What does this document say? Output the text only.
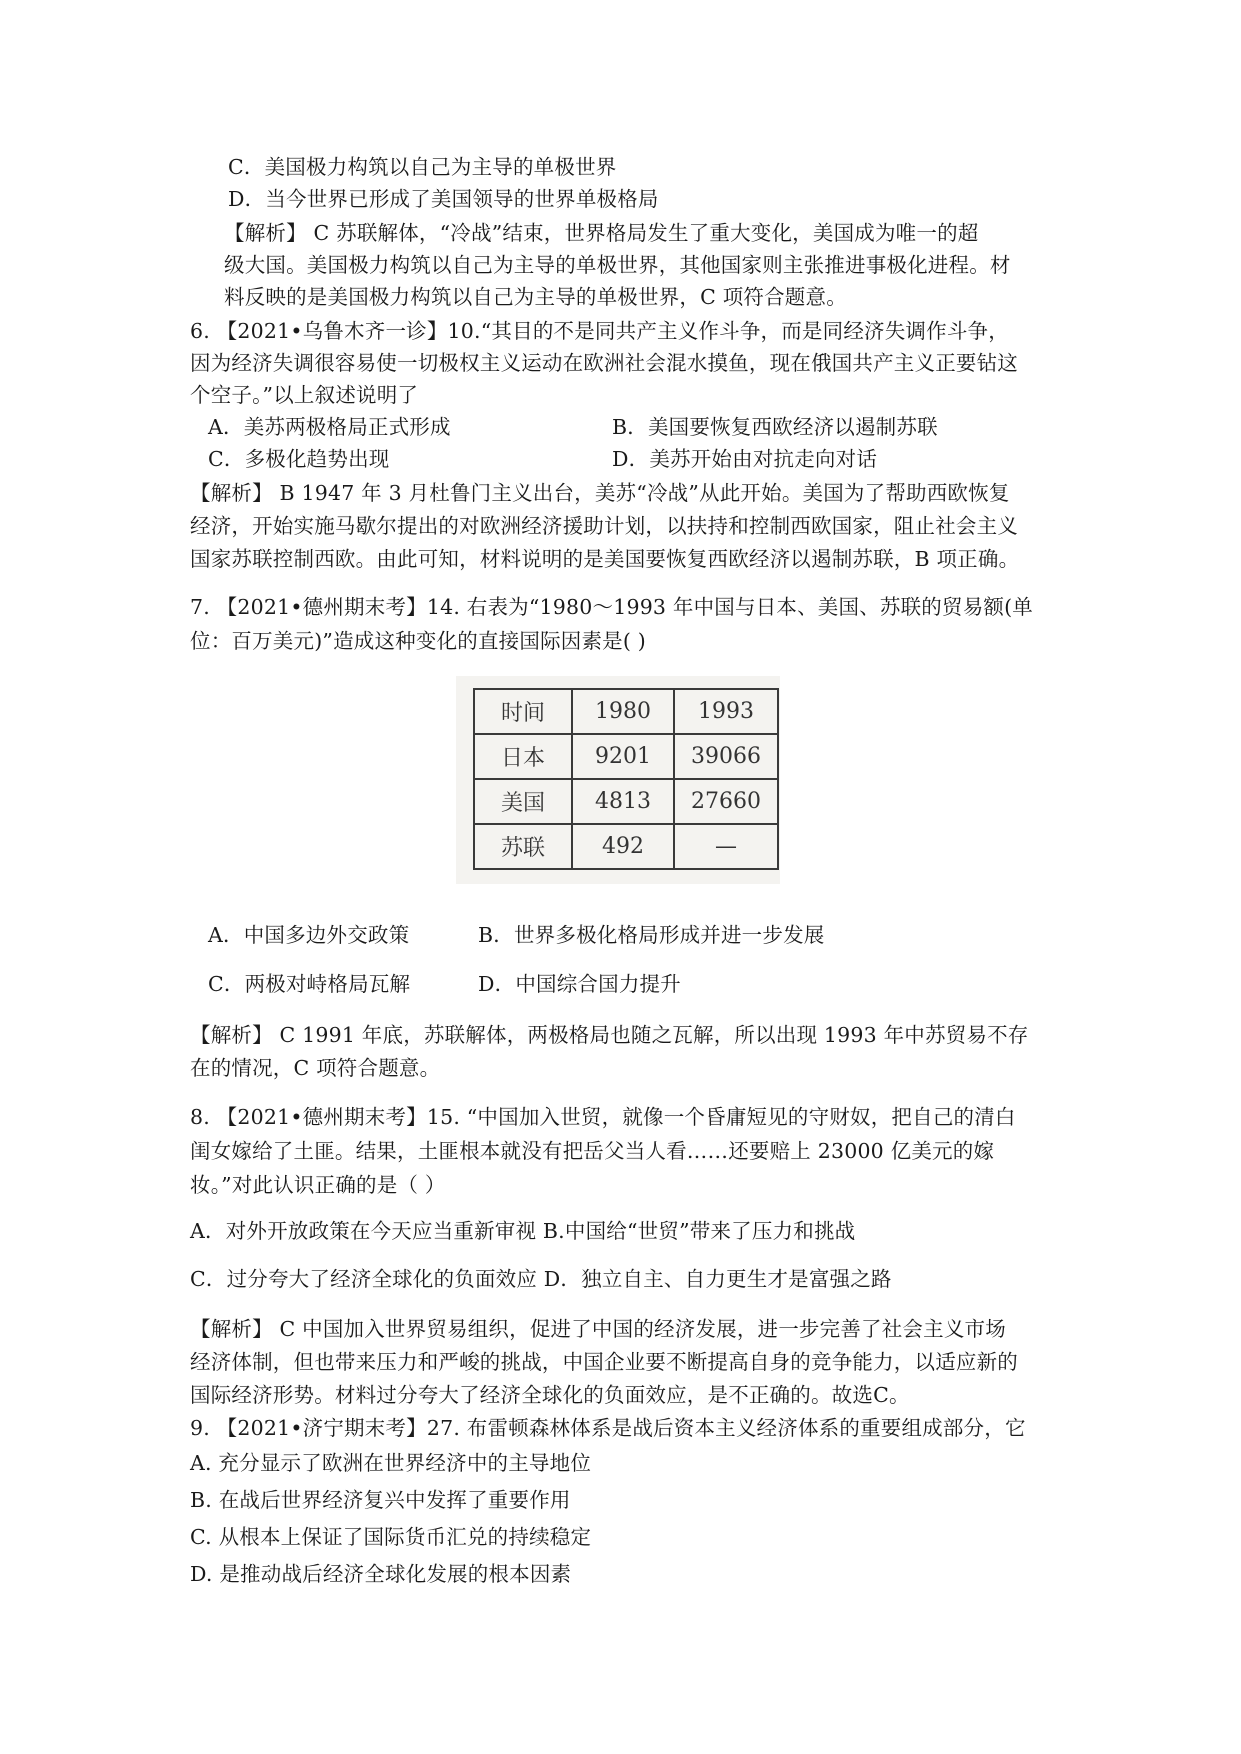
C．美国极力构筑以自己为主导的单极世界
D．当今世界已形成了美国领导的世界单极格局
【解析】 C 苏联解体，“冷战”结束，世界格局发生了重大变化，美国成为唯一的超
级大国。美国极力构筑以自己为主导的单极世界，其他国家则主张推进事极化进程。材
料反映的是美国极力构筑以自己为主导的单极世界，C 项符合题意。
6. 【2021•乌鲁木齐一诊】10.“其目的不是同共产主义作斗争，而是同经济失调作斗争，
因为经济失调很容易使一切极权主义运动在欧洲社会混水摸鱼，现在俄国共产主义正要钻这
个空子。”以上叙述说明了
A．美苏两极格局正式形成	B．美国要恢复西欧经济以遏制苏联
C．多极化趋势出现	D．美苏开始由对抗走向对话
【解析】 B 1947 年 3 月杜鲁门主义出台，美苏“冷战”从此开始。美国为了帮助西欧恢复
经济，开始实施马歇尔提出的对欧洲经济援助计划，以扶持和控制西欧国家，阻止社会主义
国家苏联控制西欧。由此可知，材料说明的是美国要恢复西欧经济以遏制苏联，B 项正确。
7. 【2021•德州期末考】14. 右表为“1980～1993 年中国与日本、美国、苏联的贸易额(单
位：百万美元)”造成这种变化的直接国际因素是( )
时间	1980	1993
日本	9201	39066
美国	4813	27660
苏联	492	—
A．中国多边外交政策	B．世界多极化格局形成并进一步发展
C．两极对峙格局瓦解	D．中国综合国力提升
【解析】 C 1991 年底，苏联解体，两极格局也随之瓦解，所以出现 1993 年中苏贸易不存
在的情况，C 项符合题意。
8. 【2021•德州期末考】15. “中国加入世贸，就像一个昏庸短见的守财奴，把自己的清白
闺女嫁给了土匪。结果，土匪根本就没有把岳父当人看……还要赔上 23000 亿美元的嫁
妆。”对此认识正确的是（ ）
A．对外开放政策在今天应当重新审视 B.中国给“世贸”带来了压力和挑战
C．过分夸大了经济全球化的负面效应 D．独立自主、自力更生才是富强之路
【解析】 C 中国加入世界贸易组织，促进了中国的经济发展，进一步完善了社会主义市场
经济体制，但也带来压力和严峻的挑战，中国企业要不断提高自身的竞争能力，以适应新的
国际经济形势。材料过分夸大了经济全球化的负面效应，是不正确的。故选C。
9. 【2021•济宁期末考】27. 布雷顿森林体系是战后资本主义经济体系的重要组成部分，它
A. 充分显示了欧洲在世界经济中的主导地位
B. 在战后世界经济复兴中发挥了重要作用
C. 从根本上保证了国际货币汇兑的持续稳定
D. 是推动战后经济全球化发展的根本因素
